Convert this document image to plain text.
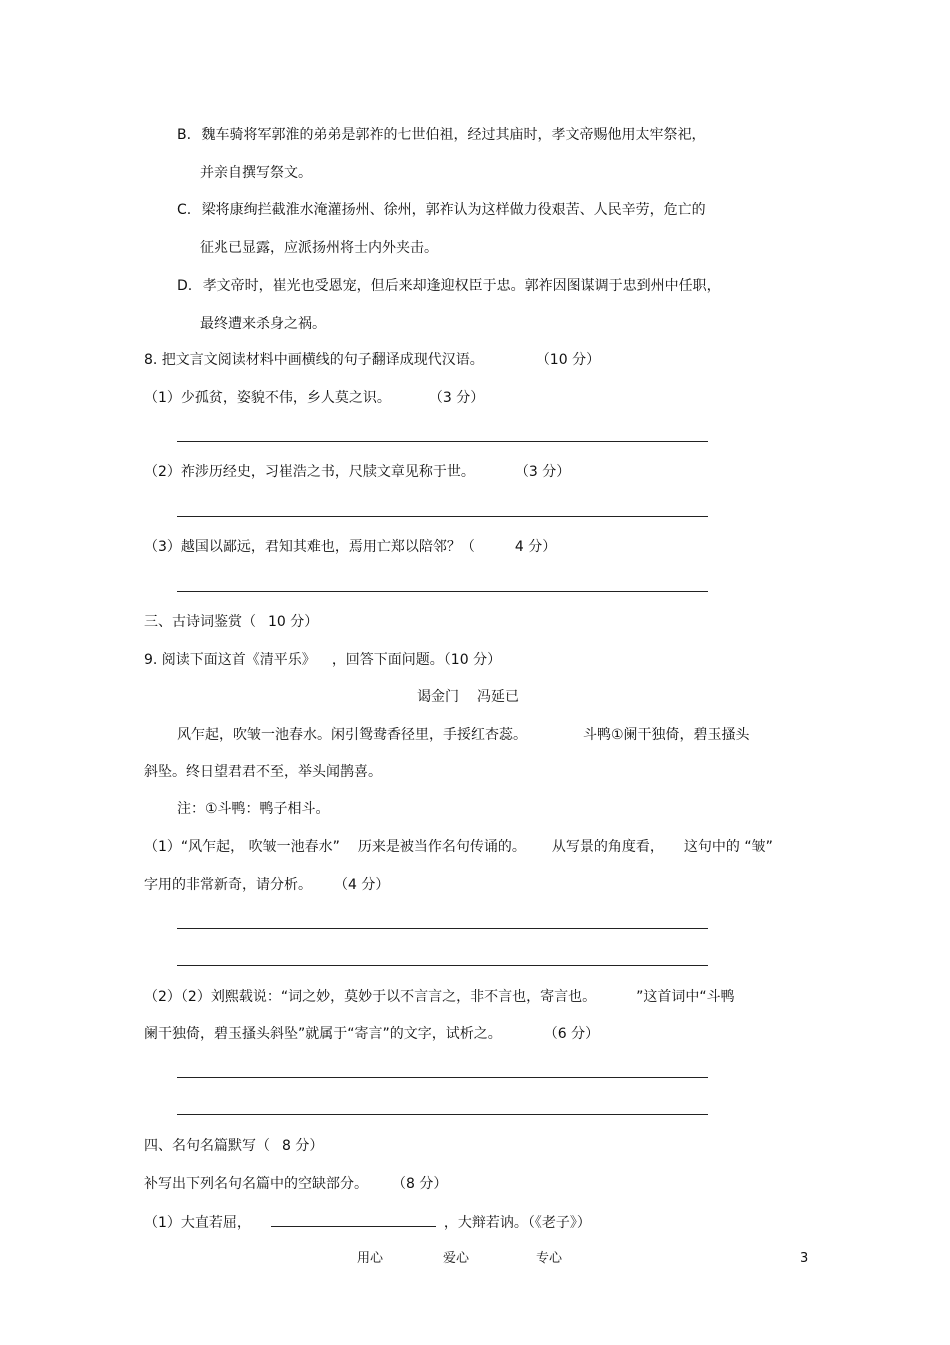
B. 魏车骑将军郭淮的弟弟是郭祚的七世伯祖，经过其庙时，孝文帝赐他用太牢祭祀，
并亲自撰写祭文。
C. 梁将康绚拦截淮水淹灌扬州、徐州，郭祚认为这样做力役艰苦、人民辛劳，危亡的
征兆已显露，应派扬州将士内外夹击。
D. 孝文帝时，崔光也受恩宠，但后来却逢迎权臣于忠。郭祚因图谋调于忠到州中任职，
最终遭来杀身之祸。
8. 把文言文阅读材料中画横线的句子翻译成现代汉语。	（10 分）
（1）少孤贫，姿貌不伟，乡人莫之识。	（3 分）
（2）祚涉历经史，习崔浩之书，尺牍文章见称于世。	（3 分）
（3）越国以鄙远，君知其难也，焉用亡郑以陪邻？（	4 分）
三、古诗词鉴赏（ 10 分）
9. 阅读下面这首《清平乐》 ，回答下面问题。（10 分）
谒金门 冯延已
风乍起，吹皱一池春水。闲引鸳鸯香径里，手挼红杏蕊。	斗鸭①阑干独倚，碧玉搔头
斜坠。终日望君君不至，举头闻鹊喜。
注：①斗鸭：鸭子相斗。
（1）“风乍起， 吹皱一池春水” 历来是被当作名句传诵的。 从写景的角度看， 这句中的 “皱”
字用的非常新奇，请分析。 （4 分）
（2）（2）刘熙载说：“词之妙，莫妙于以不言言之，非不言也，寄言也。	”这首词中“斗鸭
阑干独倚，碧玉搔头斜坠”就属于“寄言”的文字，试析之。	（6 分）
四、名句名篇默写（ 8 分）
补写出下列名句名篇中的空缺部分。 （8 分）
（1）大直若屈，	，大辩若讷。（《老子》）
用心	爱心	专心	3
